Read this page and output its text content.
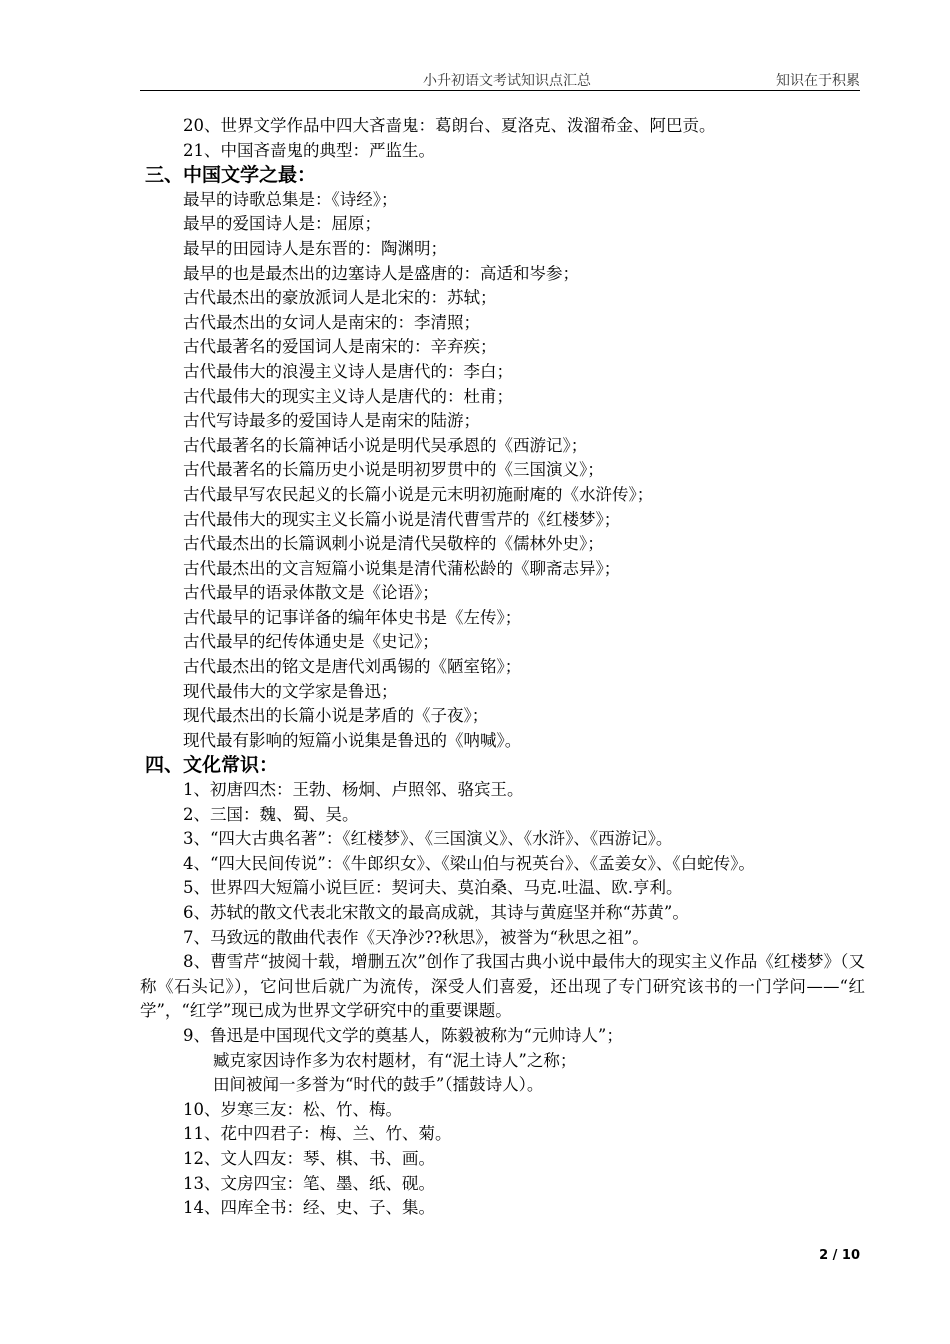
小升初语文考试知识点汇总	知识在于积累
20、世界文学作品中四大吝啬鬼：葛朗台、夏洛克、泼溜希金、阿巴贡。
21、中国吝啬鬼的典型：严监生。
三、中国文学之最：
最早的诗歌总集是：《诗经》；
最早的爱国诗人是：屈原；
最早的田园诗人是东晋的：陶渊明；
最早的也是最杰出的边塞诗人是盛唐的：高适和岑参；
古代最杰出的豪放派词人是北宋的：苏轼；
古代最杰出的女词人是南宋的：李清照；
古代最著名的爱国词人是南宋的：辛弃疾；
古代最伟大的浪漫主义诗人是唐代的：李白；
古代最伟大的现实主义诗人是唐代的：杜甫；
古代写诗最多的爱国诗人是南宋的陆游；
古代最著名的长篇神话小说是明代吴承恩的《西游记》；
古代最著名的长篇历史小说是明初罗贯中的《三国演义》；
古代最早写农民起义的长篇小说是元末明初施耐庵的《水浒传》；
古代最伟大的现实主义长篇小说是清代曹雪芹的《红楼梦》；
古代最杰出的长篇讽刺小说是清代吴敬梓的《儒林外史》；
古代最杰出的文言短篇小说集是清代蒲松龄的《聊斋志异》；
古代最早的语录体散文是《论语》；
古代最早的记事详备的编年体史书是《左传》；
古代最早的纪传体通史是《史记》；
古代最杰出的铭文是唐代刘禹锡的《陋室铭》；
现代最伟大的文学家是鲁迅；
现代最杰出的长篇小说是茅盾的《子夜》；
现代最有影响的短篇小说集是鲁迅的《呐喊》。
四、文化常识：
1、初唐四杰：王勃、杨炯、卢照邻、骆宾王。
2、三国：魏、蜀、吴。
3、“四大古典名著”：《红楼梦》、《三国演义》、《水浒》、《西游记》。
4、“四大民间传说”：《牛郎织女》、《梁山伯与祝英台》、《孟姜女》、《白蛇传》。
5、世界四大短篇小说巨匠：契诃夫、莫泊桑、马克.吐温、欧.亨利。
6、苏轼的散文代表北宋散文的最高成就，其诗与黄庭坚并称“苏黄”。
7、马致远的散曲代表作《天净沙??秋思》，被誉为“秋思之祖”。
8、曹雪芹“披阅十载，增删五次”创作了我国古典小说中最伟大的现实主义作品《红楼梦》（又称《石头记》），它问世后就广为流传，深受人们喜爱，还出现了专门研究该书的一门学问——“红学”，“红学”现已成为世界文学研究中的重要课题。
9、鲁迅是中国现代文学的奠基人，陈毅被称为“元帅诗人”；
臧克家因诗作多为农村题材，有“泥土诗人”之称；
田间被闻一多誉为“时代的鼓手”（擂鼓诗人）。
10、岁寒三友：松、竹、梅。
11、花中四君子：梅、兰、竹、菊。
12、文人四友：琴、棋、书、画。
13、文房四宝：笔、墨、纸、砚。
14、四库全书：经、史、子、集。
2 / 10
